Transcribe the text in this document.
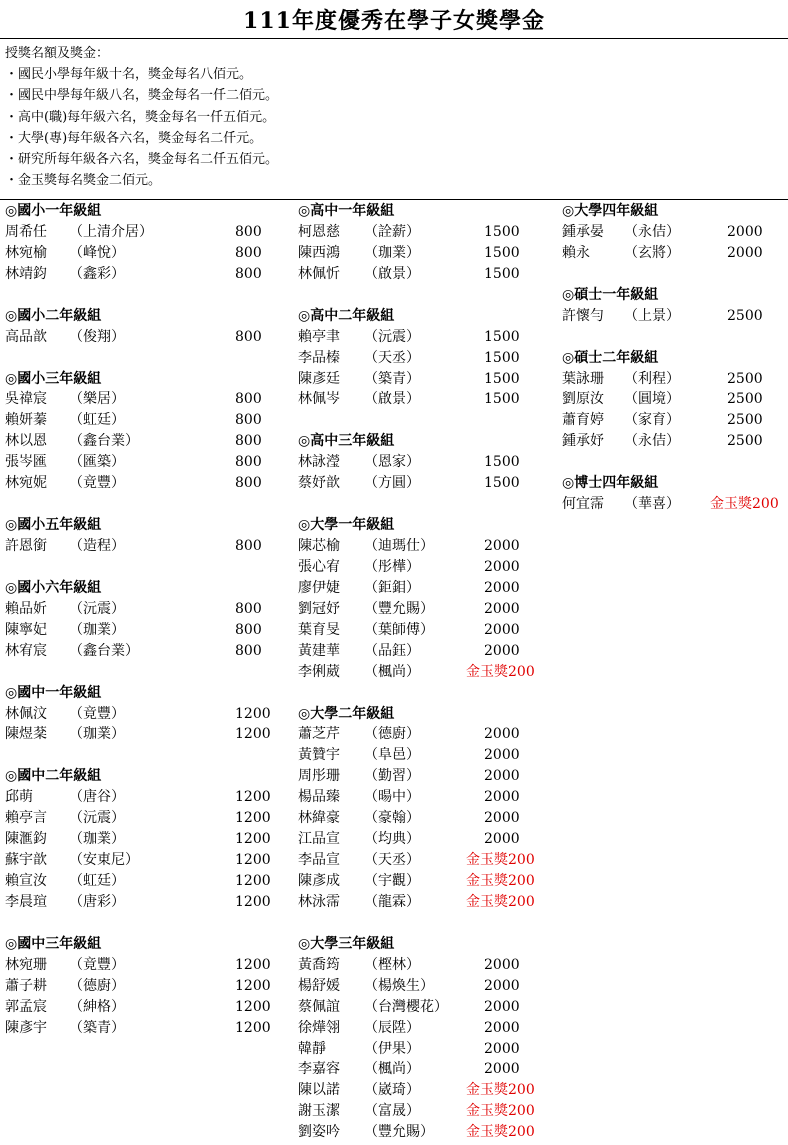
111年度優秀在學子女獎學金
授獎名額及獎金：
・國民小學每年級十名，獎金每名八佰元。
・國民中學每年級八名，獎金每名一仟二佰元。
・高中(職)每年級六名，獎金每名一仟五佰元。
・大學(專)每年級各六名，獎金每名二仟元。
・研究所每年級各六名，獎金每名二仟五佰元。
・金玉獎每名獎金二佰元。
◎國小一年級組
周希任 （上清介居）	800
林宛榆 （峰悅）	800
林靖鈞 （鑫彩）	800
◎國小二年級組
高品歆 （俊翔）	800
◎國小三年級組
吳禕宸 （樂居）	800
賴妍蓁 （虹廷）	800
林以恩 （鑫台業）	800
張岑匯 （匯築）	800
林宛妮 （竟豐）	800
◎國小五年級組
許恩銜 （造程）	800
◎國小六年級組
賴品妡 （沅震）	800
陳寧妃 （珈業）	800
林宥宸 （鑫台業）	800
◎國中一年級組
林佩汶 （竟豐）	1200
陳煜棻 （珈業）	1200
◎國中二年級組
邱萌	（唐谷）	1200
賴亭言 （沅震）	1200
陳滙鈞 （珈業）	1200
蘇宇歆 （安東尼）	1200
賴宣汝 （虹廷）	1200
李晨瑄 （唐彩）	1200
◎國中三年級組
林宛珊 （竟豐）	1200
蕭子耕 （德廚）	1200
郭孟宸 （紳格）	1200
陳彥宇 （築青）	1200
◎高中一年級組
柯恩慈 （詮薪）	1500
陳西鴻 （珈業）	1500
林佩忻 （啟景）	1500
◎高中二年級組
賴亭聿 （沅震）	1500
李品榛 （天丞）	1500
陳彥廷 （築青）	1500
林佩岑 （啟景）	1500
◎高中三年級組
林詠瀅 （恩家）	1500
蔡妤歆 （方圓）	1500
◎大學一年級組
陳芯榆 （迪瑪仕）	2000
張心宥 （彤樺）	2000
廖伊婕 （鉅鉬）	2000
劉冠妤 （豐允賜）	2000
葉育旻 （葉師傅）	2000
黃建華 （品鈺）	2000
李俐葳 （楓尚）	金玉獎200
◎大學二年級組
蕭芝芹 （德廚）	2000
黃贊宇 （阜邑）	2000
周彤珊 （勤習）	2000
楊品臻 （暘中）	2000
林緯豪 （豪翰）	2000
江品宣 （均典）	2000
李品宣 （天丞）	金玉獎200
陳彥成 （宇觀）	金玉獎200
林泳霈 （龍霖）	金玉獎200
◎大學三年級組
黃喬筠 （樫林）	2000
楊舒媛 （楊煥生）	2000
蔡佩誼 （台灣櫻花）	2000
徐燁翎 （辰陞）	2000
韓靜	（伊果）	2000
李嘉容 （楓尚）	2000
陳以諾 （崴琦）	金玉獎200
謝玉潔 （富晟）	金玉獎200
劉姿吟 （豐允賜） 金玉獎200
◎大學四年級組
鍾承晏 （永佶）	2000
賴永 （玄將）	2000
◎碩士一年級組
許懷勻 （上景）	2500
◎碩士二年級組
葉詠珊 （利程）	2500
劉原汝 （圓境）	2500
蕭育婷 （家育）	2500
鍾承妤 （永佶）	2500
◎博士四年級組
何宜霈 （華喜） 金玉獎200
